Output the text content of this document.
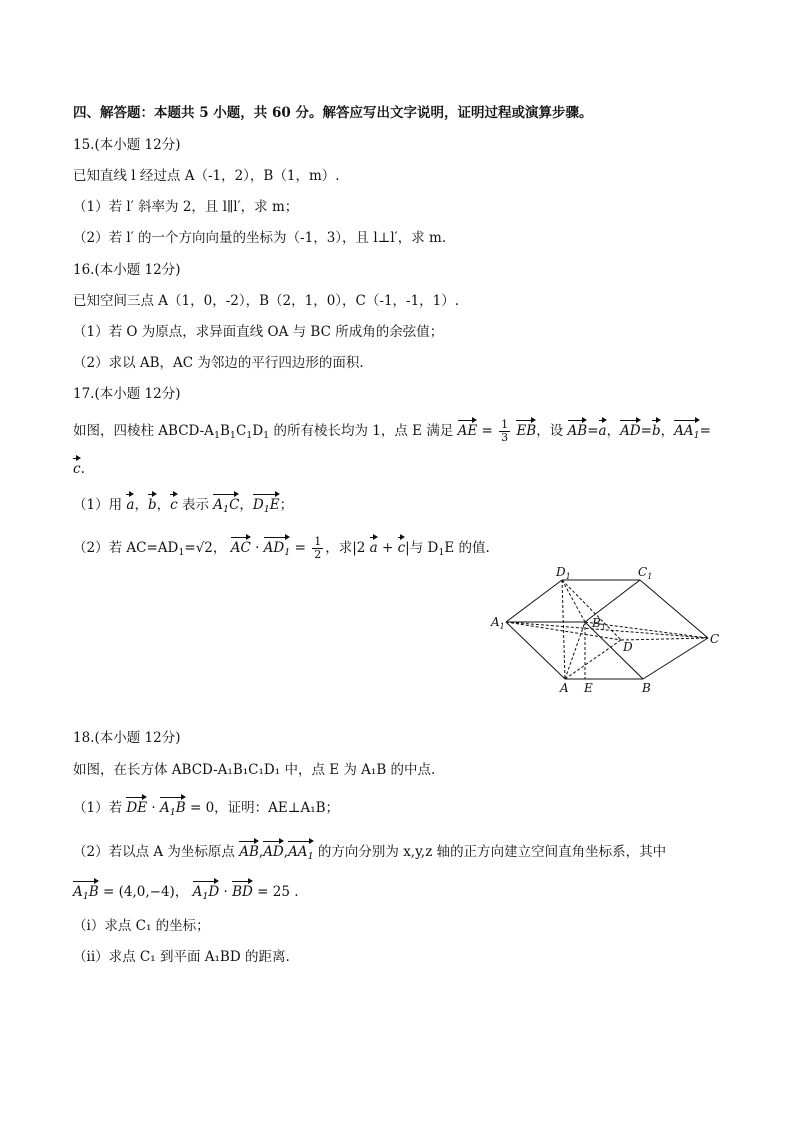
四、解答题：本题共 5 小题，共 60 分。解答应写出文字说明，证明过程或演算步骤。
15.(本小题 12分)
已知直线 l 经过点 A（-1，2），B（1，m）.
（1）若 l′ 斜率为 2，且 l∥l′，求 m；
（2）若 l′ 的一个方向向量的坐标为（-1，3），且 l⊥l′，求 m.
16.(本小题 12分)
已知空间三点 A（1，0，-2），B（2，1，0），C（-1，-1，1）.
（1）若 O 为原点，求异面直线 OA 与 BC 所成角的余弦值；
（2）求以 AB，AC 为邻边的平行四边形的面积.
17.(本小题 12分)
如图，四棱柱 ABCD-$A_1B_1C_1D_1$ 的所有棱长均为 1，点 E 满足 AE = $\frac{1}{3}$ EB，设 AB=a，AD=b，$AA_1=$
c.
（1）用 a，b，c 表示 $A_1C$，$D_1E$；
（2）若 $AC=AD_1=√2$， AC · $AD_1 = \frac{1}{2}$ ，求|2 a + c|与 $D_1E$ 的值.
$D_1$	$C_1$
$A_1$	$B_1$
C
D
A E	B
18.(本小题 12分)
如图，在长方体 ABCD-A₁B₁C₁D₁ 中，点 E 为 A₁B 的中点.
（1）若 DE · $A_1B = 0$，证明：AE⊥A₁B；
（2）若以点 A 为坐标原点 $AB,AD,AA_1$ 的方向分别为 x,y,z 轴的正方向建立空间直角坐标系，其中
$A_1B = (4,0,-4)$， $A_1D$ · BD = 25 .
（i）求点 C₁ 的坐标；
（ii）求点 C₁ 到平面 A₁BD 的距离.
